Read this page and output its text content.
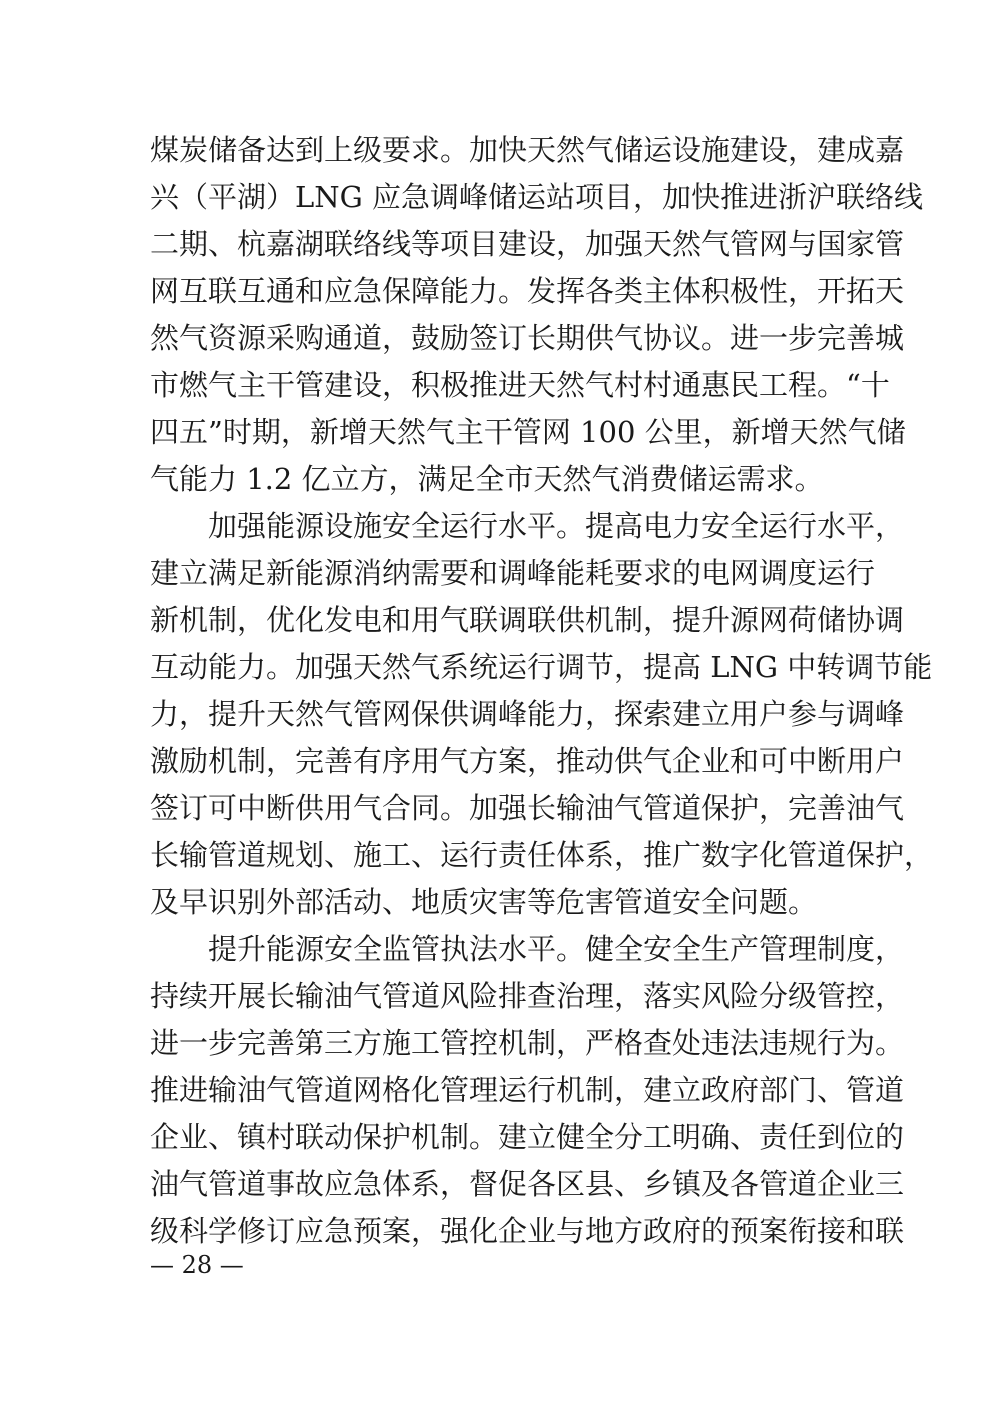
煤炭储备达到上级要求。加快天然气储运设施建设，建成嘉
兴（平湖）LNG 应急调峰储运站项目，加快推进浙沪联络线
二期、杭嘉湖联络线等项目建设，加强天然气管网与国家管
网互联互通和应急保障能力。发挥各类主体积极性，开拓天
然气资源采购通道，鼓励签订长期供气协议。进一步完善城
市燃气主干管建设，积极推进天然气村村通惠民工程。“十
四五”时期，新增天然气主干管网 100 公里，新增天然气储
气能力 1.2 亿立方，满足全市天然气消费储运需求。
加强能源设施安全运行水平。提高电力安全运行水平，
建立满足新能源消纳需要和调峰能耗要求的电网调度运行
新机制，优化发电和用气联调联供机制，提升源网荷储协调
互动能力。加强天然气系统运行调节，提高 LNG 中转调节能
力，提升天然气管网保供调峰能力，探索建立用户参与调峰
激励机制，完善有序用气方案，推动供气企业和可中断用户
签订可中断供用气合同。加强长输油气管道保护，完善油气
长输管道规划、施工、运行责任体系，推广数字化管道保护，
及早识别外部活动、地质灾害等危害管道安全问题。
提升能源安全监管执法水平。健全安全生产管理制度，
持续开展长输油气管道风险排查治理，落实风险分级管控，
进一步完善第三方施工管控机制，严格查处违法违规行为。
推进输油气管道网格化管理运行机制，建立政府部门、管道
企业、镇村联动保护机制。建立健全分工明确、责任到位的
油气管道事故应急体系，督促各区县、乡镇及各管道企业三
级科学修订应急预案，强化企业与地方政府的预案衔接和联
— 28 —
